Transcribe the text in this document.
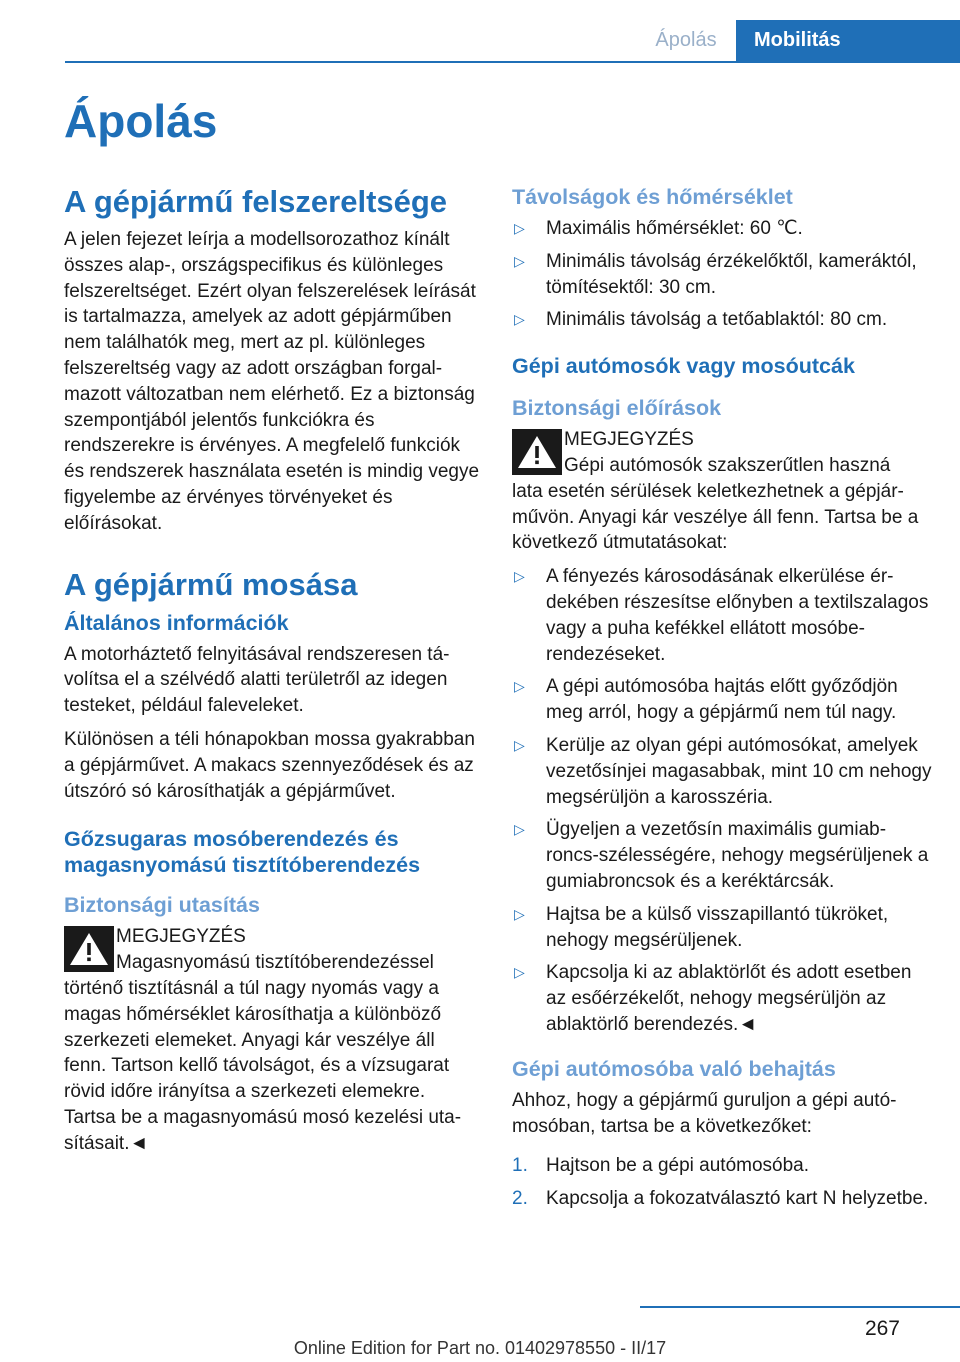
Ápolás	Mobilitás
Ápolás
A gépjármű felszereltsége

A jelen fejezet leírja a modellsorozathoz kínált összes alap-, országspecifikus és különleges felszereltséget. Ezért olyan felszerelések leírását is tartalmazza, amelyek az adott gépjárműben nem találhatók meg, mert az pl. különleges felszereltség vagy az adott országban forgalmazott változatban nem elérhető. Ez a biztonság szempontjából jelentős funkciókra és rendszerekre is érvényes. A megfelelő funkciók és rendszerek használata esetén is mindig vegye figyelembe az érvényes törvényeket és előírásokat.

A gépjármű mosása
Általános információk

A motorháztető felnyitásával rendszeresen távolítsa el a szélvédő alatti területről az idegen testeket, például faleveleket.

Különösen a téli hónapokban mossa gyakrabban a gépjárművet. A makacs szennyeződések és az útszóró só károsíthatják a gépjárművet.

Gőzsugaras mosóberendezés és magasnyomású tisztítóberendezés
Biztonsági utasítás
MEGJEGYZÉS
Magasnyomású tisztítóberendezéssel

történő tisztításnál a túl nagy nyomás vagy a magas hőmérséklet károsíthatja a különböző szerkezeti elemeket. Anyagi kár veszélye áll fenn. Tartson kellő távolságot, és a vízsugarat rövid időre irányítsa a szerkezeti elemekre. Tartsa be a magasnyomású mosó kezelési utasításait.◄

Távolságok és hőmérséklet
▷ Maximális hőmérséklet: 60 ℃.
▷ Minimális távolság érzékelőktől, kameráktól, tömítésektől: 30 cm.
▷ Minimális távolság a tetőablaktól: 80 cm.
Gépi autómosók vagy mosóutcák
Biztonsági előírások
MEGJEGYZÉS
Gépi autómosók szakszerűtlen haszná

lata esetén sérülések keletkezhetnek a gépjárművön. Anyagi kár veszélye áll fenn. Tartsa be a következő útmutatásokat:

▷ A fényezés károsodásának elkerülése érdekében részesítse előnyben a textilszalagos vagy a puha kefékkel ellátott mosóberendezéseket.
▷ A gépi autómosóba hajtás előtt győződjön meg arról, hogy a gépjármű nem túl nagy.
▷ Kerülje az olyan gépi autómosókat, amelyek vezetősínjei magasabbak, mint 10 cm nehogy megsérüljön a karosszéria.
▷ Ügyeljen a vezetősín maximális gumiabroncs-szélességére, nehogy megsérüljenek a gumiabroncsok és a keréktárcsák.
▷ Hajtsa be a külső visszapillantó tükröket, nehogy megsérüljenek.
▷ Kapcsolja ki az ablaktörlőt és adott esetben az esőérzékelőt, nehogy megsérüljön az ablaktörlő berendezés.◄
Gépi autómosóba való behajtás

Ahhoz, hogy a gépjármű guruljon a gépi autómosóban, tartsa be a következőket:

1. Hajtson be a gépi autómosóba.
2. Kapcsolja a fokozatválasztó kart N helyzetbe.
267
Online Edition for Part no. 01402978550 - II/17
